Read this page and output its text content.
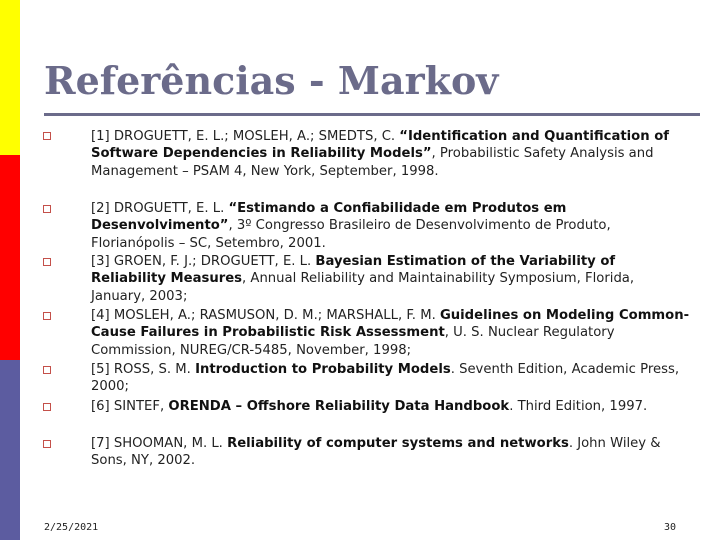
Referências - Markov
[1] DROGUETT, E. L.; MOSLEH, A.; SMEDTS, C. “Identification and Quantification of Software Dependencies in Reliability Models”, Probabilistic Safety Analysis and Management – PSAM 4, New York, September, 1998.
[2] DROGUETT, E. L. “Estimando a Confiabilidade em Produtos em Desenvolvimento”, 3º Congresso Brasileiro de Desenvolvimento de Produto, Florianópolis – SC, Setembro, 2001.
[3] GROEN, F. J.; DROGUETT, E. L. Bayesian Estimation of the Variability of Reliability Measures, Annual Reliability and Maintainability Symposium, Florida, January, 2003;
[4] MOSLEH, A.; RASMUSON, D. M.; MARSHALL, F. M. Guidelines on Modeling Common-Cause Failures in Probabilistic Risk Assessment, U. S. Nuclear Regulatory Commission, NUREG/CR-5485, November, 1998;
[5] ROSS, S. M. Introduction to Probability Models. Seventh Edition, Academic Press, 2000;
[6] SINTEF, ORENDA – Offshore Reliability Data Handbook. Third Edition, 1997.
[7] SHOOMAN, M. L. Reliability of computer systems and networks. John Wiley & Sons, NY, 2002.
2/25/2021	30
